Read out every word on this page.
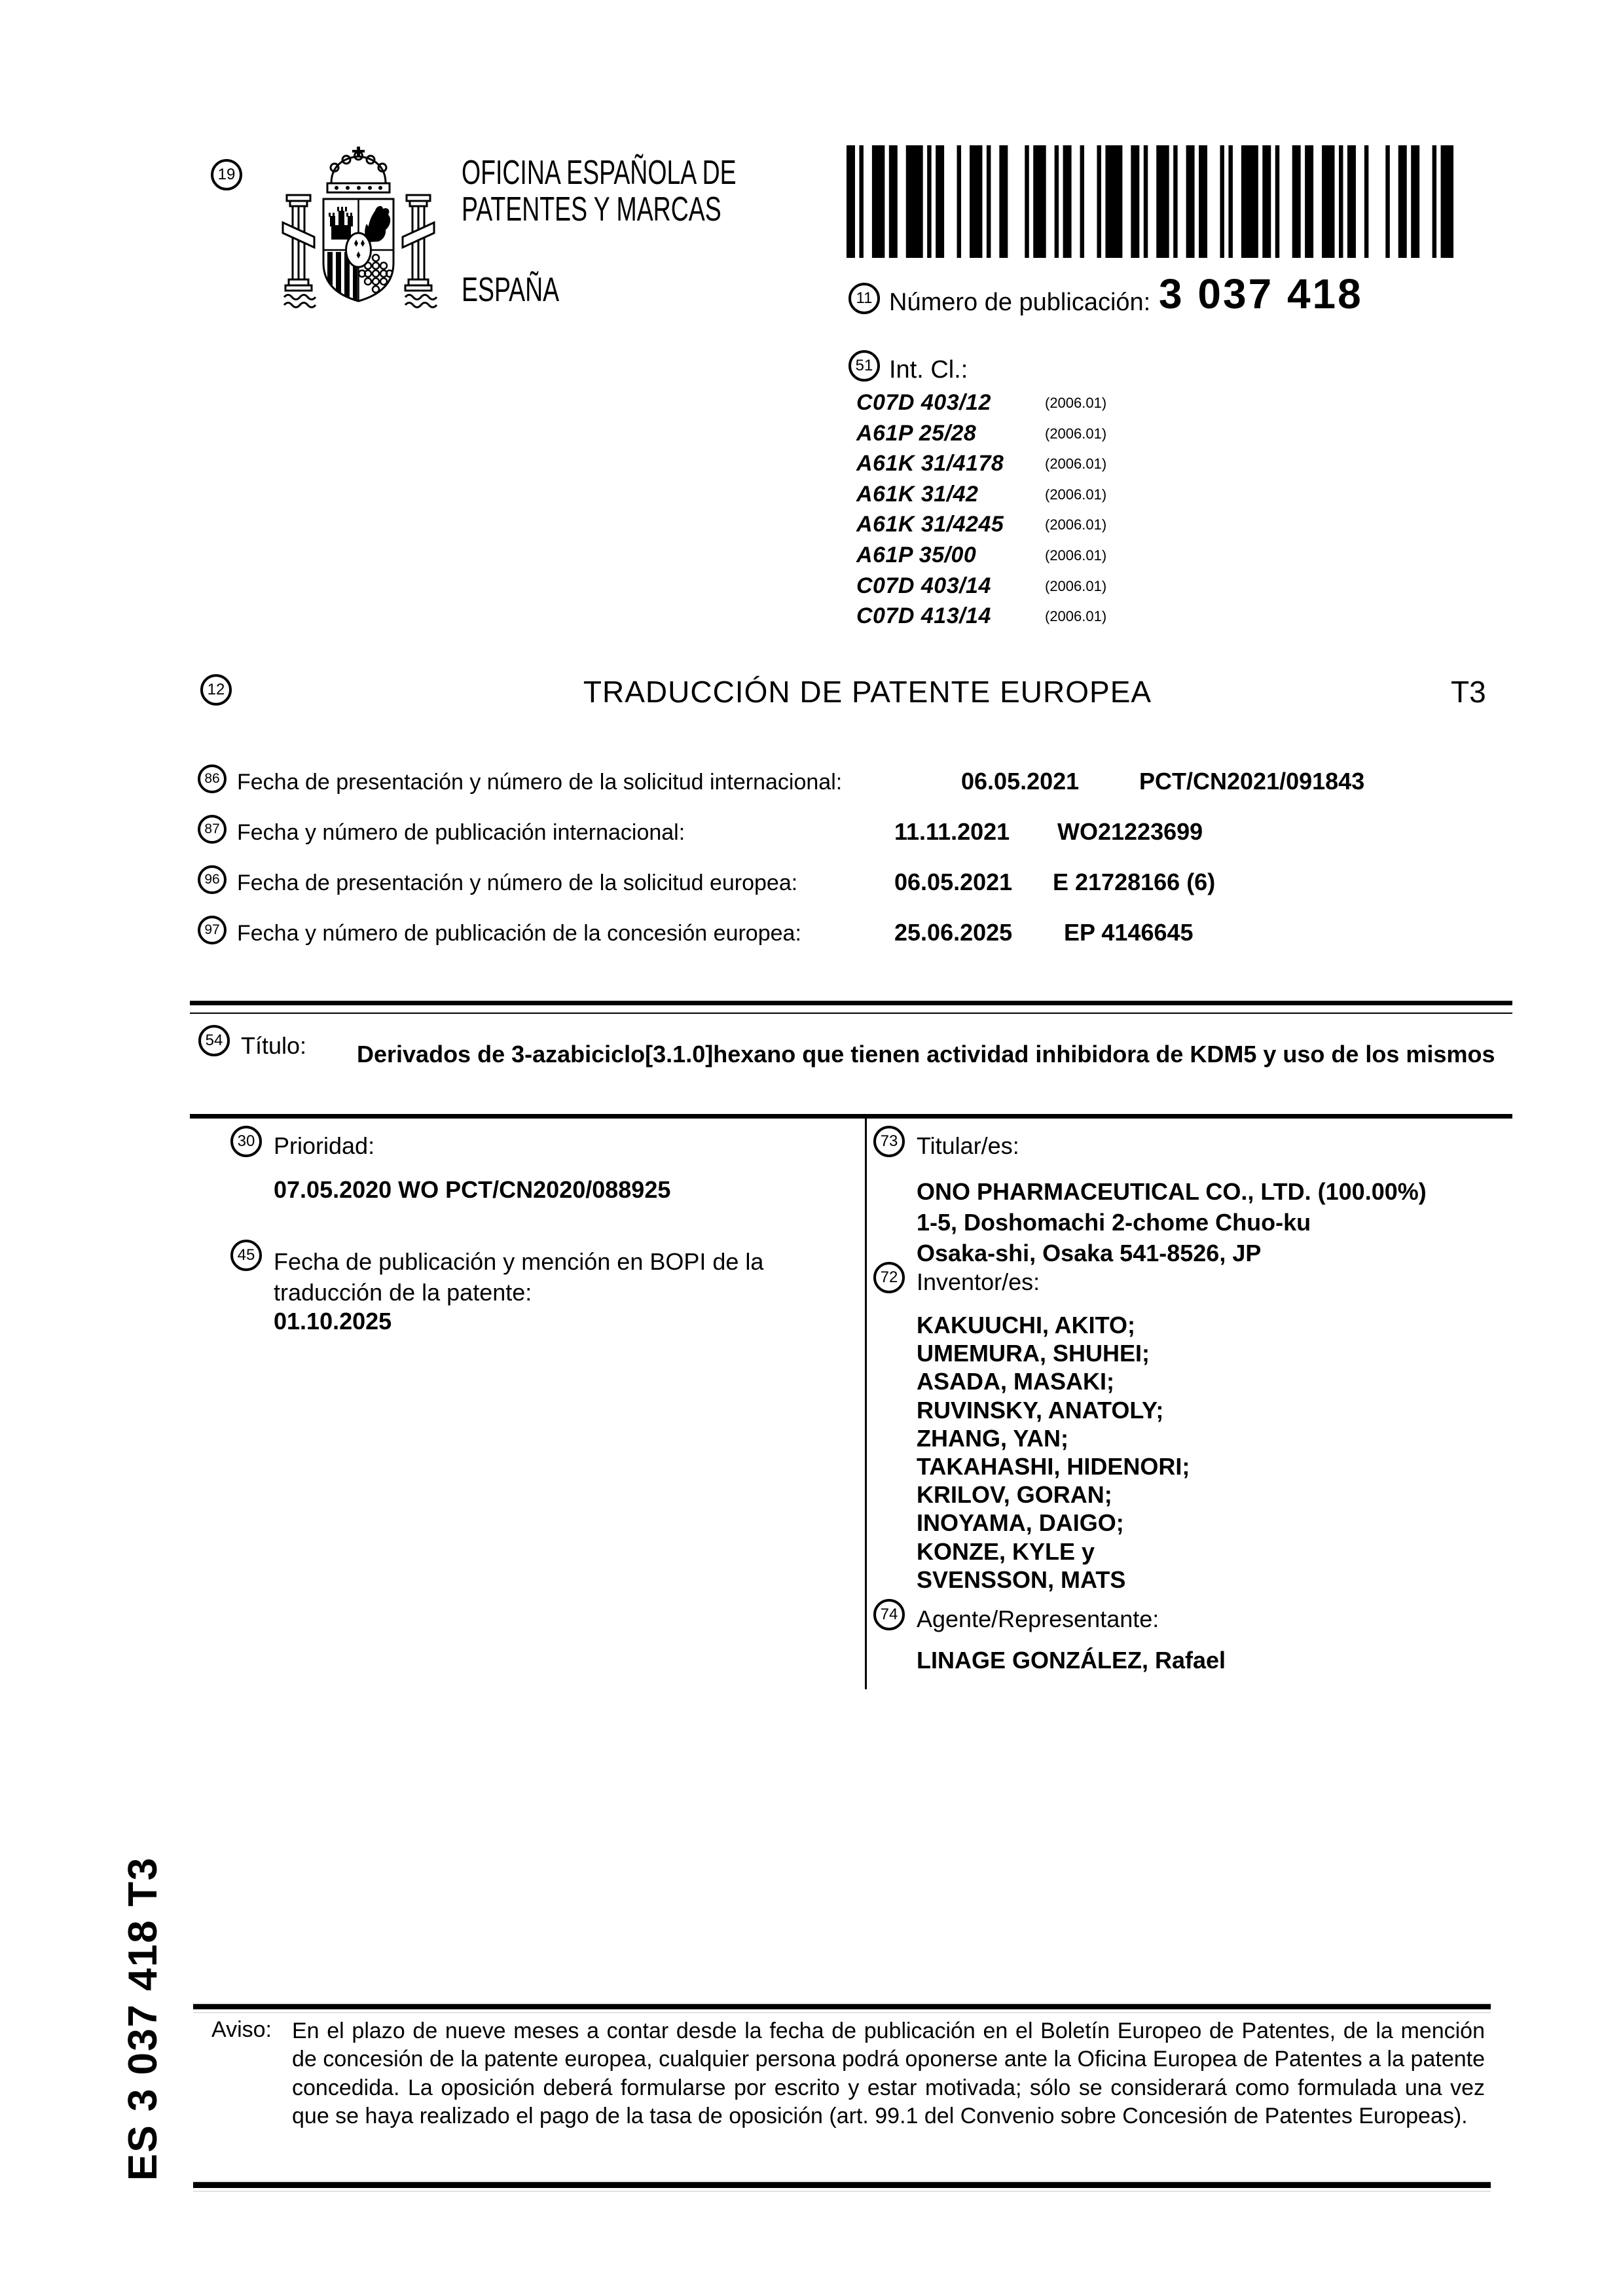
19	OFICINA ESPAÑOLA DE
PATENTES Y MARCAS
ESPAÑA	11 Número de publicación: 3 037 418
51 Int. Cl.:
C07D 403/12	(2006.01)
A61P 25/28	(2006.01)
A61K 31/4178	(2006.01)
A61K 31/42	(2006.01)
A61K 31/4245	(2006.01)
A61P 35/00	(2006.01)
C07D 403/14	(2006.01)
C07D 413/14	(2006.01)
12	TRADUCCIÓN DE PATENTE EUROPEA	T3
86 Fecha de presentación y número de la solicitud internacional:	06.05.2021	PCT/CN2021/091843
87 Fecha y número de publicación internacional:	11.11.2021 WO21223699
96 Fecha de presentación y número de la solicitud europea:	06.05.2021 E 21728166 (6)
97 Fecha y número de publicación de la concesión europea:	25.06.2025 EP 4146645
54 Título: Derivados de 3-azabiciclo[3.1.0]hexano que tienen actividad inhibidora de KDM5 y uso de los mismos
30 Prioridad:
07.05.2020 WO PCT/CN2020/088925
45 Fecha de publicación y mención en BOPI de la traducción de la patente:
01.10.2025
73 Titular/es:
ONO PHARMACEUTICAL CO., LTD. (100.00%)
1-5, Doshomachi 2-chome Chuo-ku
Osaka-shi, Osaka 541-8526, JP
72 Inventor/es:
KAKUUCHI, AKITO;
UMEMURA, SHUHEI;
ASADA, MASAKI;
RUVINSKY, ANATOLY;
ZHANG, YAN;
TAKAHASHI, HIDENORI;
KRILOV, GORAN;
INOYAMA, DAIGO;
KONZE, KYLE y
SVENSSON, MATS
74 Agente/Representante:
LINAGE GONZÁLEZ, Rafael
ES 3 037 418 T3 Aviso: En el plazo de nueve meses a contar desde la fecha de publicación en el Boletín Europeo de Patentes, de la mención de concesión de la patente europea, cualquier persona podrá oponerse ante la Oficina Europea de Patentes a la patente concedida. La oposición deberá formularse por escrito y estar motivada; sólo se considerará como formulada una vez que se haya realizado el pago de la tasa de oposición (art. 99.1 del Convenio sobre Concesión de Patentes Europeas).
